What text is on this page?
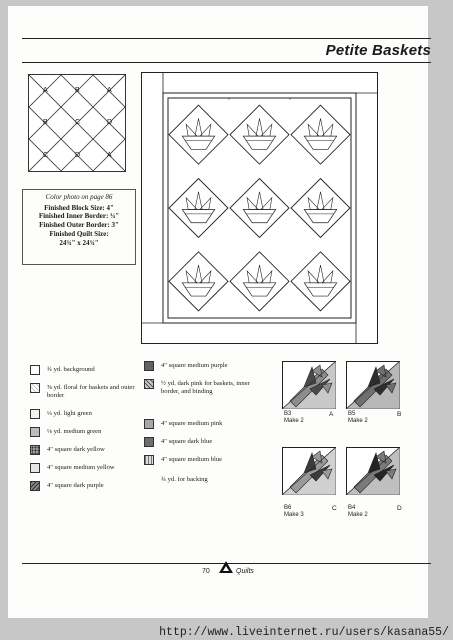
Petite Baskets
A	B	A
B	C	D
C	D	A
Color photo on page 86
Finished Block Size: 4"
Finished Inner Border: ¾"
Finished Outer Border: 3"
Finished Quilt Size:
24¾" x 24¾"
¾ yd. background
⅝ yd. floral for baskets and outer border
¼ yd. light green
⅛ yd. medium green
4" square dark yellow
4" square medium yellow
4" square dark purple
4" square medium purple
½ yd. dark pink for baskets, inner border, and binding
4" square medium pink
4" square dark blue
4" square medium blue
¾ yd. for backing
B3
Make 2
A B5
Make 2
B
B6
Make 3
C B4
Make 2
D
70	Quilts
http://www.liveinternet.ru/users/kasana55/
